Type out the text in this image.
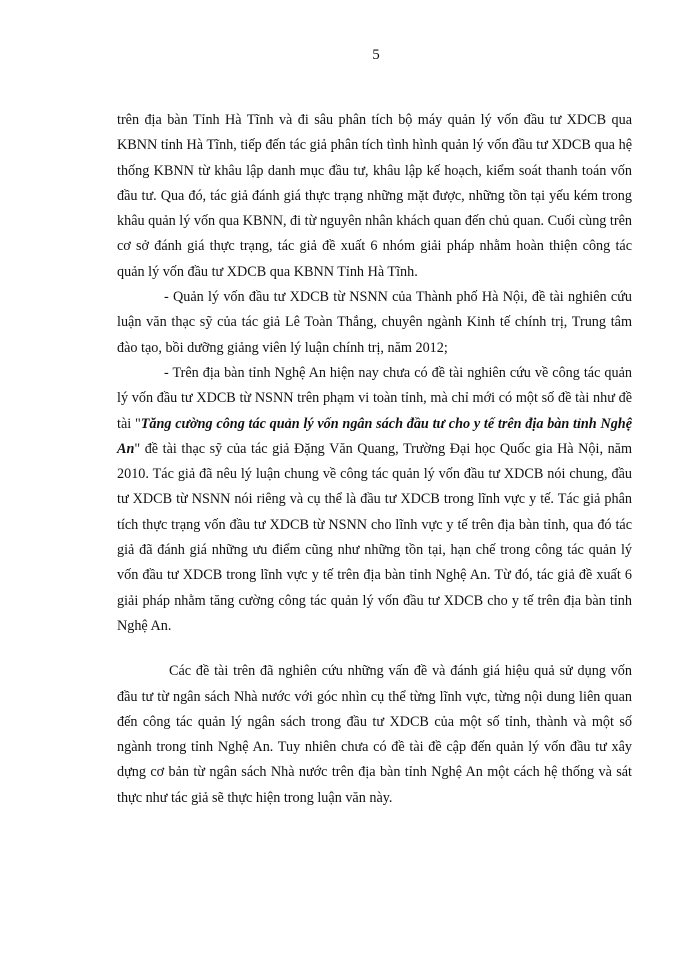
5

trên địa bàn Tỉnh Hà Tĩnh và đi sâu phân tích bộ máy quản lý vốn đầu tư XDCB qua KBNN tỉnh Hà Tĩnh, tiếp đến tác giả phân tích tình hình quản lý vốn đầu tư XDCB qua hệ thống KBNN từ khâu lập danh mục đầu tư, khâu lập kế hoạch, kiểm soát thanh toán vốn đầu tư. Qua đó, tác giả đánh giá thực trạng những mặt được, những tồn tại yếu kém trong khâu quản lý vốn qua KBNN, đi từ nguyên nhân khách quan đến chủ quan. Cuối cùng trên cơ sở đánh giá thực trạng, tác giả đề xuất 6 nhóm giải pháp nhằm hoàn thiện công tác quản lý vốn đầu tư XDCB qua KBNN Tỉnh Hà Tĩnh.

- Quản lý vốn đầu tư XDCB từ NSNN của Thành phố Hà Nội, đề tài nghiên cứu luận văn thạc sỹ của tác giả Lê Toàn Thắng, chuyên ngành Kinh tế chính trị, Trung tâm đào tạo, bồi dưỡng giảng viên lý luận chính trị, năm 2012;

- Trên địa bàn tỉnh Nghệ An hiện nay chưa có đề tài nghiên cứu về công tác quản lý vốn đầu tư XDCB từ NSNN trên phạm vi toàn tỉnh, mà chỉ mới có một số đề tài như đề tài "Tăng cường công tác quản lý vốn ngân sách đầu tư cho y tế trên địa bàn tỉnh Nghệ An" đề tài thạc sỹ của tác giả Đặng Văn Quang, Trường Đại học Quốc gia Hà Nội, năm 2010. Tác giả đã nêu lý luận chung về công tác quản lý vốn đầu tư XDCB nói chung, đầu tư XDCB từ NSNN nói riêng và cụ thể là đầu tư XDCB trong lĩnh vực y tế. Tác giả phân tích thực trạng vốn đầu tư XDCB từ NSNN cho lĩnh vực y tế trên địa bàn tỉnh, qua đó tác giả đã đánh giá những ưu điểm cũng như những tồn tại, hạn chế trong công tác quản lý vốn đầu tư XDCB trong lĩnh vực y tế trên địa bàn tỉnh Nghệ An. Từ đó, tác giả đề xuất 6 giải pháp nhằm tăng cường công tác quản lý vốn đầu tư XDCB cho y tế trên địa bàn tỉnh Nghệ An.

Các đề tài trên đã nghiên cứu những vấn đề và đánh giá hiệu quả sử dụng vốn đầu tư từ ngân sách Nhà nước với góc nhìn cụ thể từng lĩnh vực, từng nội dung liên quan đến công tác quản lý ngân sách trong đầu tư XDCB của một số tỉnh, thành và một số ngành trong tỉnh Nghệ An. Tuy nhiên chưa có đề tài đề cập đến quản lý vốn đầu tư xây dựng cơ bản từ ngân sách Nhà nước trên địa bàn tỉnh Nghệ An một cách hệ thống và sát thực như tác giả sẽ thực hiện trong luận văn này.
